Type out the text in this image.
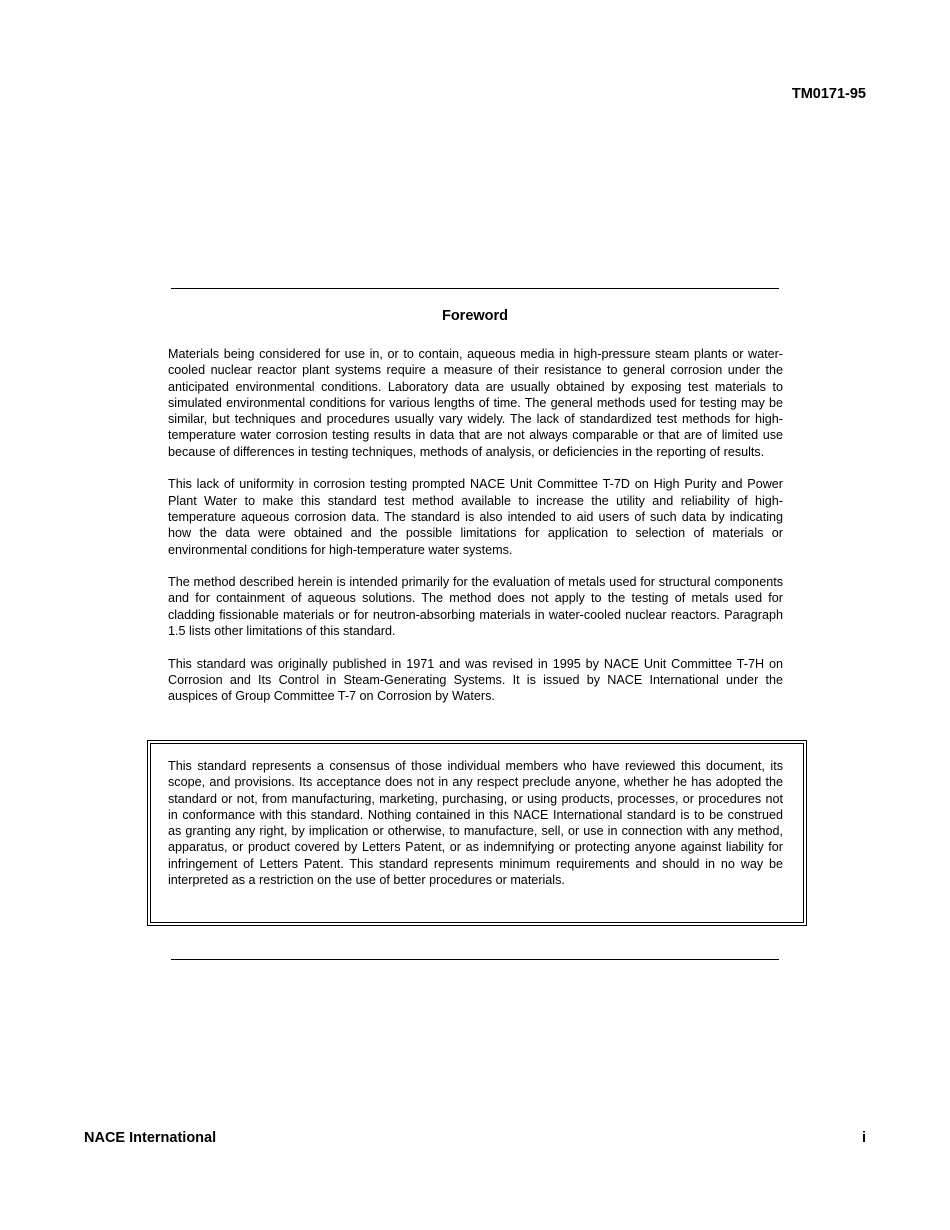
TM0171-95
Foreword

Materials being considered for use in, or to contain, aqueous media in high-pressure steam plants or water-cooled nuclear reactor plant systems require a measure of their resistance to general corrosion under the anticipated environmental conditions. Laboratory data are usually obtained by exposing test materials to simulated environmental conditions for various lengths of time. The general methods used for testing may be similar, but techniques and procedures usually vary widely. The lack of standardized test methods for high-temperature water corrosion testing results in data that are not always comparable or that are of limited use because of differences in testing techniques, methods of analysis, or deficiencies in the reporting of results.

This lack of uniformity in corrosion testing prompted NACE Unit Committee T-7D on High Purity and Power Plant Water to make this standard test method available to increase the utility and reliability of high-temperature aqueous corrosion data. The standard is also intended to aid users of such data by indicating how the data were obtained and the possible limitations for application to selection of materials or environmental conditions for high-temperature water systems.

The method described herein is intended primarily for the evaluation of metals used for structural components and for containment of aqueous solutions. The method does not apply to the testing of metals used for cladding fissionable materials or for neutron-absorbing materials in water-cooled nuclear reactors. Paragraph 1.5 lists other limitations of this standard.

This standard was originally published in 1971 and was revised in 1995 by NACE Unit Committee T-7H on Corrosion and Its Control in Steam-Generating Systems. It is issued by NACE International under the auspices of Group Committee T-7 on Corrosion by Waters.

This standard represents a consensus of those individual members who have reviewed this document, its scope, and provisions. Its acceptance does not in any respect preclude anyone, whether he has adopted the standard or not, from manufacturing, marketing, purchasing, or using products, processes, or procedures not in conformance with this standard. Nothing contained in this NACE International standard is to be construed as granting any right, by implication or otherwise, to manufacture, sell, or use in connection with any method, apparatus, or product covered by Letters Patent, or as indemnifying or protecting anyone against liability for infringement of Letters Patent. This standard represents minimum requirements and should in no way be interpreted as a restriction on the use of better procedures or materials.

NACE International	i
